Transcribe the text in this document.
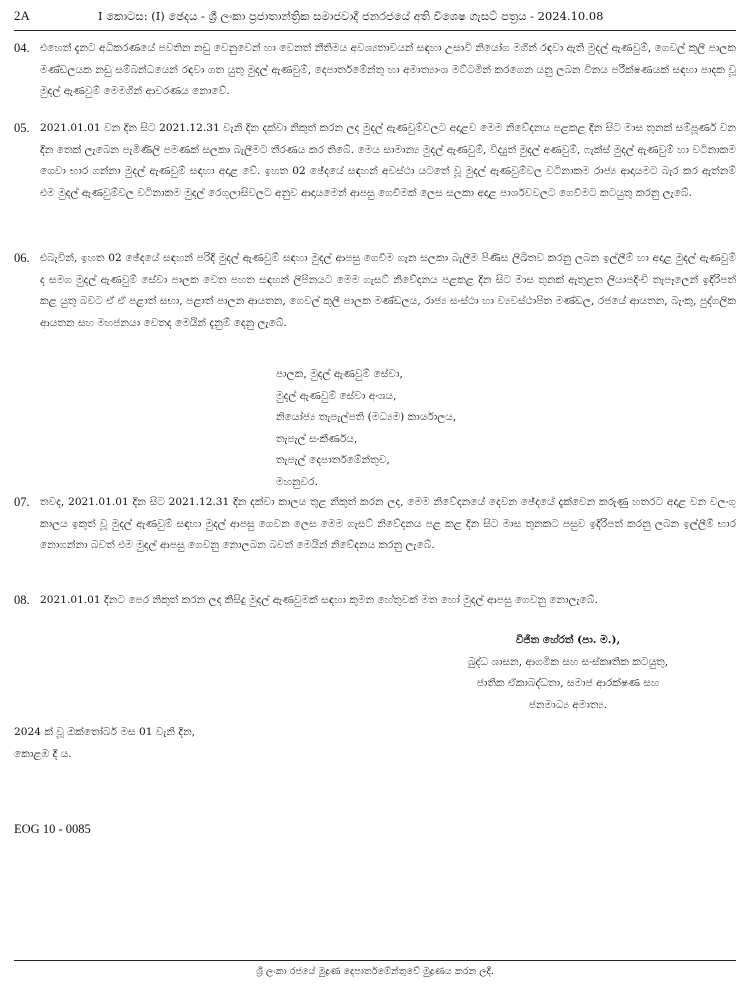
2A	I කොටස: (I) ඡෙදය - ශ්‍රී ලංකා ප්‍රජාතාන්ත්‍රික සමාජවාදී ජනරජයේ අති විශෙෂ ගැසට් පත්‍රය - 2024.10.08
04. එහෙත් දැනට අධිකරණයේ පවතින නඩු වෙනුවෙන් හා වෙනත් නීතිමය අවශ්‍යතාවයන් සඳහා උසාවි නියෝග මගින් රඳවා ඇති මුදල් ඇණවුම්, ගෙවල් කුලී පාලක මණ්ඩලයක නඩු සම්බන්ධයෙන් රඳවා ගත යුතු මුදල් ඇණවුම්, දෙපාර්තමේන්තු හා අමාත්‍යාංශ මට්ටමින් කරගෙන යනු ලබන විනය පරීක්ෂණයක් සඳහා පාදක වූ මුදල් ඇණවුම් මෙමගින් ආවරණය නොවේ.
05. 2021.01.01 වන දින සිට 2021.12.31 වැනි දින දක්වා නිකුත් කරන ලද මුදල් ඇණවුම්වලට අදාළව මෙම නිවේදනය පළකළ දින සිට මාස තුනක් සම්පූර්ණ වන දින තෙක් ලැබෙන පැමිණිලි පමණක් සලකා බැලීමට තීරණය කර තිබේ. මෙය සාමාන්‍ය මුදල් ඇණවුම්, විද්‍යුත් මුදල් අණවුම්, ෆැක්ස් මුදල් ඇණවුම් හා වටිනාකම ගෙවා භාර ගන්නා මුදල් ඇණවුම් සඳහා අදාළ වේ. ඉහත 02 ඡේදයේ සඳහන් අවස්ථා යටතේ වූ මුදල් ඇණවුම්වල වටිනාකම රාජ්‍ය ආදායමට බැර කර ඇත්නම් එම මුදල් ඇණවුම්වල වටිනාකම මුදල් රෙගුලාසිවලට අනුව ආදායමෙන් ආපසු ගෙවීමක් ලෙස සලකා අදාළ පාර්ශවවලට ගෙවීමට කටයුතු කරනු ලැබේ.
06. එබැවින්, ඉහත 02 ඡේදයේ සඳහන් පරිදි මුදල් ඇණවුම් සඳහා මුදල් ආපසු ගෙවීම ගැන සලකා බැලීම පිණිස ලිඛිතව කරනු ලබන ඉල්ලීම් හා අදාළ මුදල් ඇණවුම් ද සමග මුදල් ඇණවුම් සේවා පාලක වෙත පහත සඳහන් ලිපිනයට මෙම ගැසට් නිවේදනය පළකළ දින සිට මාස තුනක් ඇතුළත ලියාපදිංචි තැපෑලෙන් ඉදිරිපත් කළ යුතු බවට ඒ ඒ පළාත් සභා, පළාත් පාලන ආයතන, ගෙවල් කුලී පාලක මණ්ඩලය, රාජ්‍ය සංස්ථා හා ව්‍යවස්ථාපිත මණ්ඩල, රජයේ ආයතන, බැංකු, පුද්ගලික ආයතන සහ මහජනයා වෙතද මෙයින් දැනුම් දෙනු ලැබේ.
පාලක, මුදල් ඇණවුම් සේවා,
මුදල් ඇණවුම් සේවා අංශය,
නියෝජ්‍ය තැපැල්පති (මධ්‍යම) කාර්යාලය,
තැපැල් සංකීර්ණය,
තැපැල් දෙපාර්තමේන්තුව,
මහනුවර.
07. තවද, 2021.01.01 දින සිට 2021.12.31 දින දක්වා කාලය තුළ නිකුත් කරන ලද, මෙම නිවේදනයේ දෙවන ඡේදයේ දැක්වෙන කරුණු හතරට අදාළ වන වලංගු කාලය ඉකුත් වූ මුදල් ඇණවුම් සඳහා මුදල් ආපසු ගෙවන ලෙස මෙම ගැසට් නිවේදනය පළ කළ දින සිට මාස තුනකට පසුව ඉදිරිපත් කරනු ලබන ඉල්ලීම් භාර නොගන්නා බවත් එම මුදල් ආපසු ගෙවනු නොලබන බවත් මෙයින් නිවේදනය කරනු ලැබේ.
08. 2021.01.01 දිනට පෙර නිකුත් කරන ලද කිසිදු මුදල් ඇණවුමක් සඳහා කුමන හේතුවක් මත හෝ මුදල් ආපසු ගෙවනු නොලැබේ.
විජිත හේරත් (පා. ම.),
බුද්ධ ශාසන, ආගමික සහ සංස්කෘතික කටයුතු,
ජාතික ඒකාබද්ධතා, සමාජ ආරක්ෂණ සහ
ජනමාධ්‍ය අමාත්‍ය.
2024 ක් වූ ඔක්තෝබර් මස 01 වැනි දින,
කොළඹ දී ය.
EOG 10 - 0085
ශ්‍රී ලංකා රජයේ මුද්‍රණ දෙපාර්තමේන්තුවේ මුද්‍රණය කරන ලදී.
